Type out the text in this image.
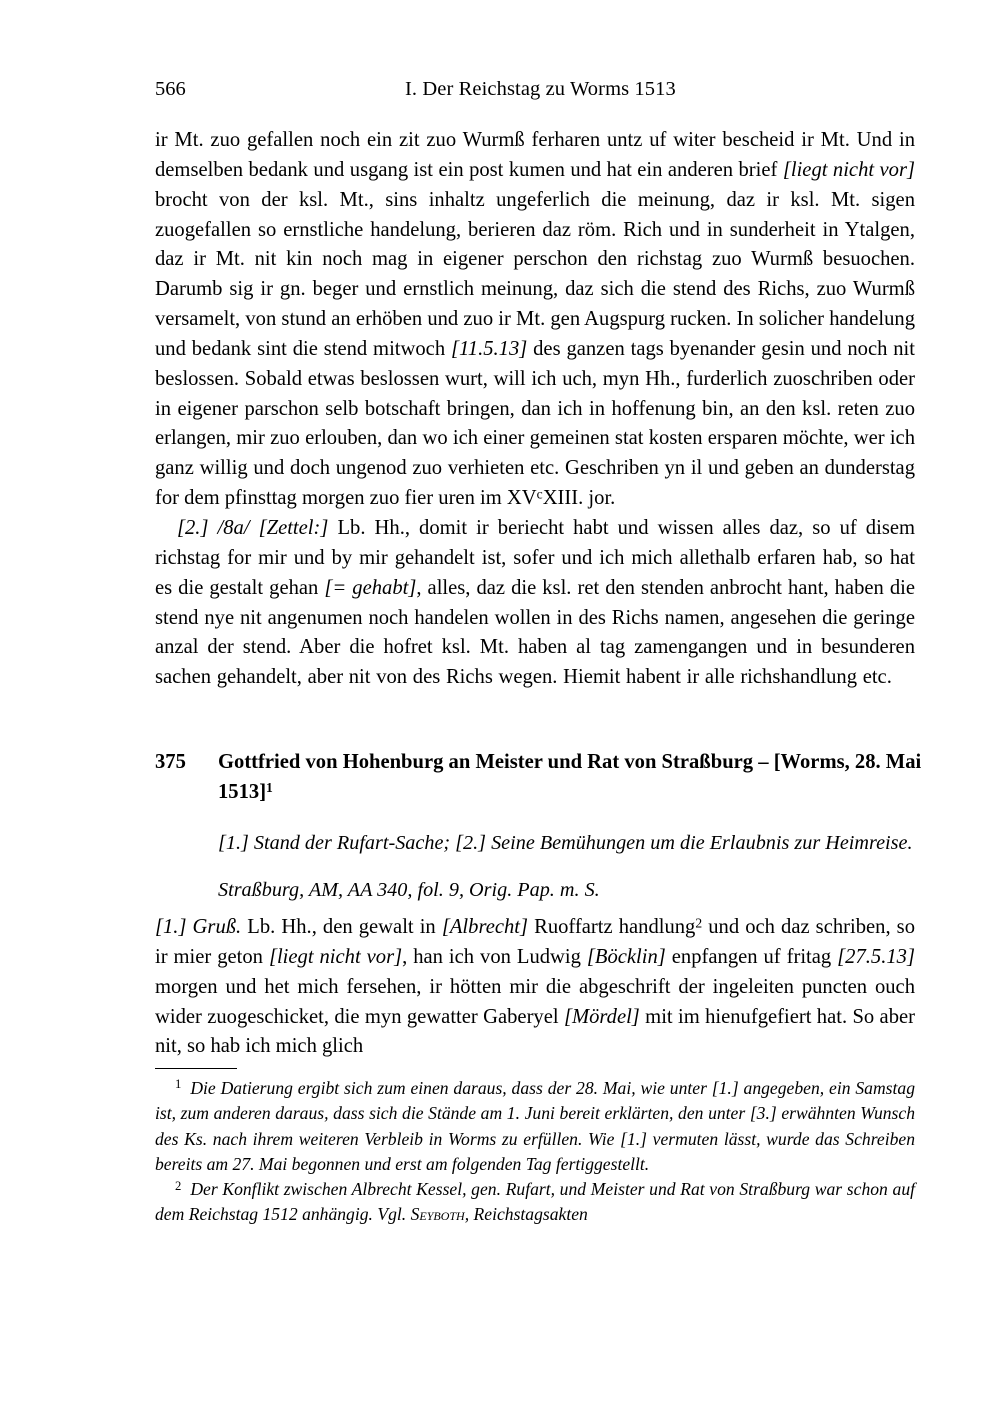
566	I. Der Reichstag zu Worms 1513

ir Mt. zuo gefallen noch ein zit zuo Wurmß ferharen untz uf witer bescheid ir Mt. Und in demselben bedank und usgang ist ein post kumen und hat ein anderen brief [liegt nicht vor] brocht von der ksl. Mt., sins inhaltz ungeferlich die meinung, daz ir ksl. Mt. sigen zuogefallen so ernstliche handelung, berieren daz röm. Rich und in sunderheit in Ytalgen, daz ir Mt. nit kin noch mag in eigener perschon den richstag zuo Wurmß besuochen. Darumb sig ir gn. beger und ernstlich meinung, daz sich die stend des Richs, zuo Wurmß versamelt, von stund an erhöben und zuo ir Mt. gen Augspurg rucken. In solicher handelung und bedank sint die stend mitwoch [11.5.13] des ganzen tags byenander gesin und noch nit beslossen. Sobald etwas beslossen wurt, will ich uch, myn Hh., furderlich zuoschriben oder in eigener parschon selb botschaft bringen, dan ich in hoffenung bin, an den ksl. reten zuo erlangen, mir zuo erlouben, dan wo ich einer gemeinen stat kosten ersparen möchte, wer ich ganz willig und doch ungenod zuo verhieten etc. Geschriben yn il und geben an dunderstag for dem pfinsttag morgen zuo fier uren im $XV^cXIII$. jor.

[2.] /8a/ [Zettel:] Lb. Hh., domit ir beriecht habt und wissen alles daz, so uf disem richstag for mir und by mir gehandelt ist, sofer und ich mich allethalb erfaren hab, so hat es die gestalt gehan [= gehabt], alles, daz die ksl. ret den stenden anbrocht hant, haben die stend nye nit angenumen noch handelen wollen in des Richs namen, angesehen die geringe anzal der stend. Aber die hofret ksl. Mt. haben al tag zamengangen und in besunderen sachen gehandelt, aber nit von des Richs wegen. Hiemit habent ir alle richshandlung etc.

375 Gottfried von Hohenburg an Meister und Rat von Straßburg – [Worms, 28. Mai 1513]$^1$
[1.] Stand der Rufart-Sache; [2.] Seine Bemühungen um die Erlaubnis zur Heimreise.
Straßburg, AM, AA 340, fol. 9, Orig. Pap. m. S.

[1.] Gruß. Lb. Hh., den gewalt in [Albrecht] Ruoffartz handlung$^2$ und och daz schriben, so ir mier geton [liegt nicht vor], han ich von Ludwig [Böcklin] enpfangen uf fritag [27.5.13] morgen und het mich fersehen, ir hötten mir die abgeschrift der ingeleiten puncten ouch wider zuogeschicket, die myn gewatter Gaberyel [Mördel] mit im hienufgefiert hat. So aber nit, so hab ich mich glich

$^1$ Die Datierung ergibt sich zum einen daraus, dass der 28. Mai, wie unter [1.] angegeben, ein Samstag ist, zum anderen daraus, dass sich die Stände am 1. Juni bereit erklärten, den unter [3.] erwähnten Wunsch des Ks. nach ihrem weiteren Verbleib in Worms zu erfüllen. Wie [1.] vermuten lässt, wurde das Schreiben bereits am 27. Mai begonnen und erst am folgenden Tag fertiggestellt.

$^2$ Der Konflikt zwischen Albrecht Kessel, gen. Rufart, und Meister und Rat von Straßburg war schon auf dem Reichstag 1512 anhängig. Vgl. Seyboth, Reichstagsakten
